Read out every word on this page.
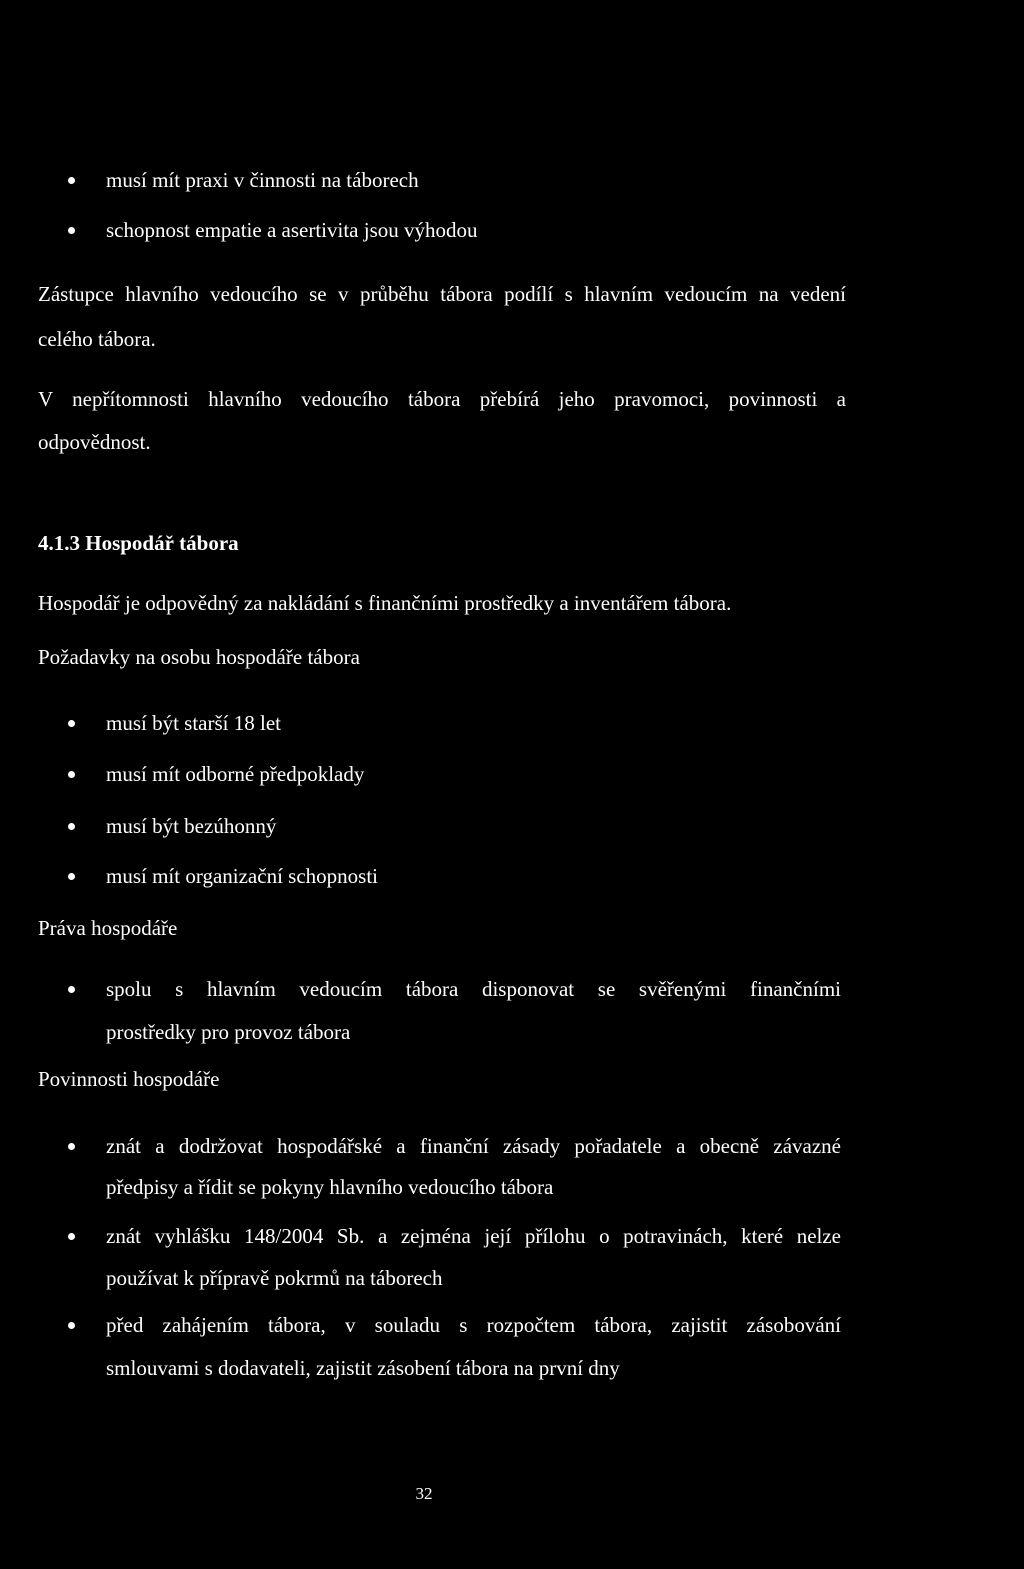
musí mít praxi v činnosti na táborech
schopnost empatie a asertivita jsou výhodou
Zástupce hlavního vedoucího se v průběhu tábora podílí s hlavním vedoucím na vedení
celého tábora.
V nepřítomnosti hlavního vedoucího tábora přebírá jeho pravomoci, povinnosti a
odpovědnost.
4.1.3 Hospodář tábora
Hospodář je odpovědný za nakládání s finančními prostředky a inventářem tábora.
Požadavky na osobu hospodáře tábora
musí být starší 18 let
musí mít odborné předpoklady
musí být bezúhonný
musí mít organizační schopnosti
Práva hospodáře
spolu s hlavním vedoucím tábora disponovat se svěřenými finančními
prostředky pro provoz tábora
Povinnosti hospodáře
znát a dodržovat hospodářské a finanční zásady pořadatele a obecně závazné
předpisy a řídit se pokyny hlavního vedoucího tábora
znát vyhlášku 148/2004 Sb. a zejména její přílohu o potravinách, které nelze
používat k přípravě pokrmů na táborech
před zahájením tábora, v souladu s rozpočtem tábora, zajistit zásobování
smlouvami s dodavateli, zajistit zásobení tábora na první dny
32
